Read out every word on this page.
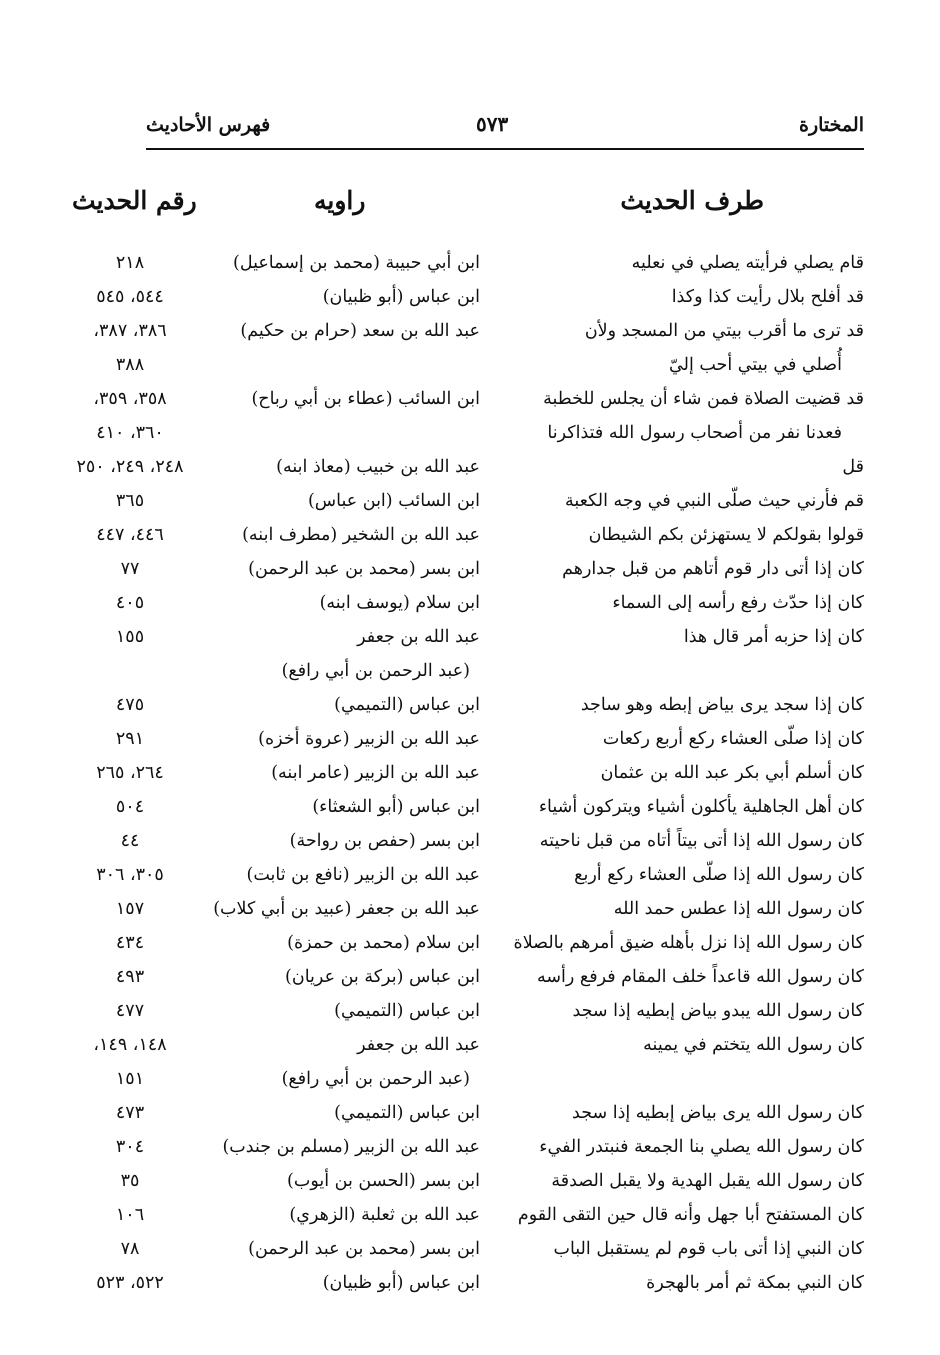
المختارة
٥٧٣
فهرس الأحاديث
طرف الحديث
راويه
رقم الحديث
قام يصلي فرأيته يصلي في نعليه
ابن أبي حبيبة (محمد بن إسماعيل)
٢١٨
قد أفلح بلال رأيت كذا وكذا
ابن عباس (أبو ظبيان)
٥٤٤، ٥٤٥
قد ترى ما أقرب بيتي من المسجد ولأن
أُصلي في بيتي أحب إليّ
عبد الله بن سعد (حرام بن حكيم)
٣٨٦، ٣٨٧،
٣٨٨
قد قضيت الصلاة فمن شاء أن يجلس للخطبة
فعدنا نفر من أصحاب رسول الله فتذاكرنا
ابن السائب (عطاء بن أبي رباح)
٣٥٨، ٣٥٩،
٣٦٠، ٤١٠
قل
عبد الله بن خبيب (معاذ ابنه)
٢٤٨، ٢٤٩، ٢٥٠
قم فأرني حيث صلّى النبي في وجه الكعبة
ابن السائب (ابن عباس)
٣٦٥
قولوا بقولكم لا يستهزئن بكم الشيطان
عبد الله بن الشخير (مطرف ابنه)
٤٤٦، ٤٤٧
كان إذا أتى دار قوم أتاهم من قبل جدارهم
ابن بسر (محمد بن عبد الرحمن)
٧٧
كان إذا حدّث رفع رأسه إلى السماء
ابن سلام (يوسف ابنه)
٤٠٥
كان إذا حزبه أمر قال هذا
عبد الله بن جعفر
(عبد الرحمن بن أبي رافع)
١٥٥
كان إذا سجد يرى بياض إبطه وهو ساجد
ابن عباس (التميمي)
٤٧٥
كان إذا صلّى العشاء ركع أربع ركعات
عبد الله بن الزبير (عروة أخزه)
٢٩١
كان أسلم أبي بكر عبد الله بن عثمان
عبد الله بن الزبير (عامر ابنه)
٢٦٤، ٢٦٥
كان أهل الجاهلية يأكلون أشياء ويتركون أشياء
ابن عباس (أبو الشعثاء)
٥٠٤
كان رسول الله إذا أتى بيتاً أتاه من قبل ناحيته
ابن بسر (حفص بن رواحة)
٤٤
كان رسول الله إذا صلّى العشاء ركع أربع
عبد الله بن الزبير (نافع بن ثابت)
٣٠٥، ٣٠٦
كان رسول الله إذا عطس حمد الله
عبد الله بن جعفر (عبيد بن أبي كلاب)
١٥٧
كان رسول الله إذا نزل بأهله ضيق أمرهم بالصلاة
ابن سلام (محمد بن حمزة)
٤٣٤
كان رسول الله قاعداً خلف المقام فرفع رأسه
ابن عباس (بركة بن عريان)
٤٩٣
كان رسول الله يبدو بياض إبطيه إذا سجد
ابن عباس (التميمي)
٤٧٧
كان رسول الله يتختم في يمينه
عبد الله بن جعفر
(عبد الرحمن بن أبي رافع)
١٤٨، ١٤٩،
١٥١
كان رسول الله يرى بياض إبطيه إذا سجد
ابن عباس (التميمي)
٤٧٣
كان رسول الله يصلي بنا الجمعة فنبتدر الفيء
عبد الله بن الزبير (مسلم بن جندب)
٣٠٤
كان رسول الله يقبل الهدية ولا يقبل الصدقة
ابن بسر (الحسن بن أيوب)
٣٥
كان المستفتح أبا جهل وأنه قال حين التقى القوم
عبد الله بن ثعلبة (الزهري)
١٠٦
كان النبي إذا أتى باب قوم لم يستقبل الباب
ابن بسر (محمد بن عبد الرحمن)
٧٨
كان النبي بمكة ثم أمر بالهجرة
ابن عباس (أبو ظبيان)
٥٢٢، ٥٢٣
